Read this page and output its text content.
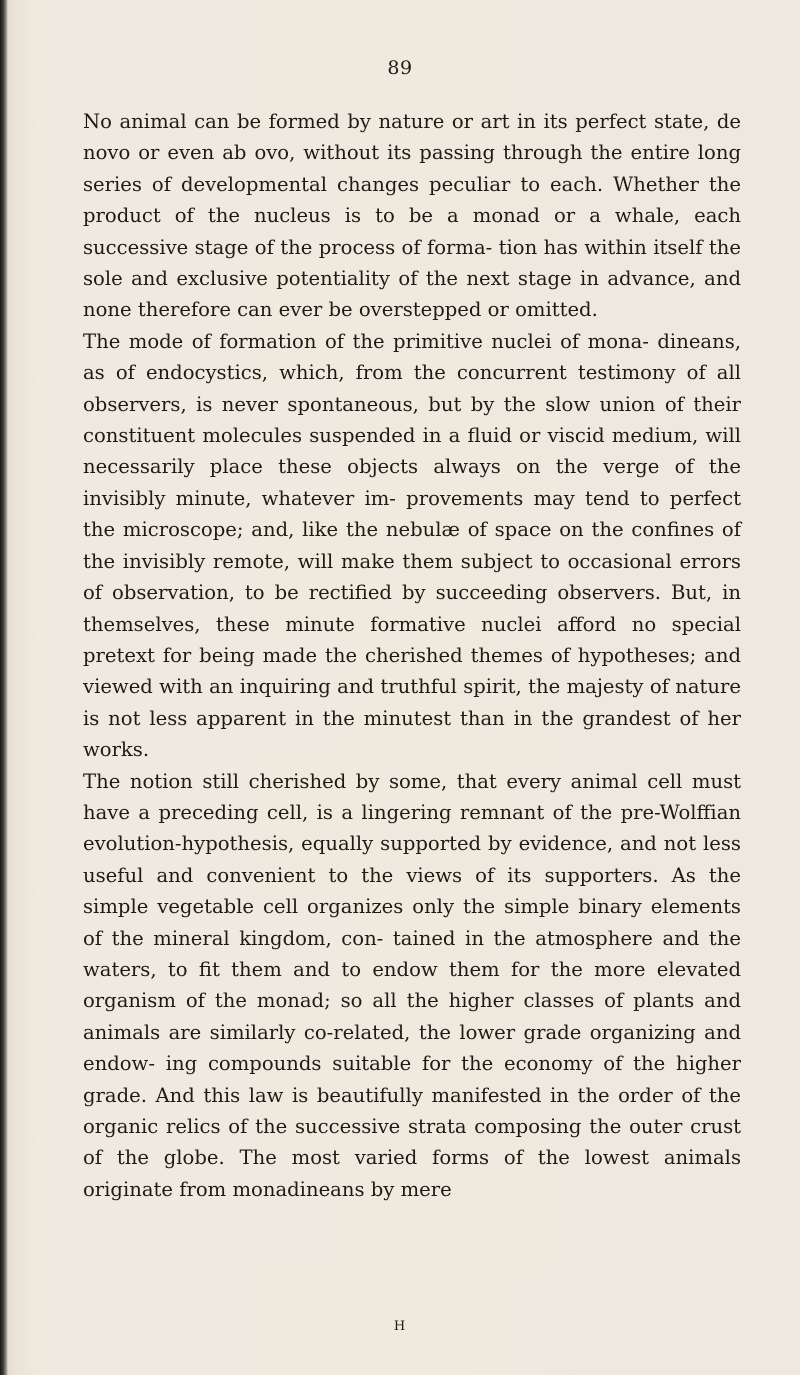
89

No animal can be formed by nature or art in its perfect state, de novo or even ab ovo, without its passing through the entire long series of developmental changes peculiar to each. Whether the product of the nucleus is to be a monad or a whale, each successive stage of the process of forma- tion has within itself the sole and exclusive potentiality of the next stage in advance, and none therefore can ever be overstepped or omitted.

The mode of formation of the primitive nuclei of mona- dineans, as of endocystics, which, from the concurrent testimony of all observers, is never spontaneous, but by the slow union of their constituent molecules suspended in a fluid or viscid medium, will necessarily place these objects always on the verge of the invisibly minute, whatever im- provements may tend to perfect the microscope; and, like the nebulæ of space on the confines of the invisibly remote, will make them subject to occasional errors of observation, to be rectified by succeeding observers. But, in themselves, these minute formative nuclei afford no special pretext for being made the cherished themes of hypotheses; and viewed with an inquiring and truthful spirit, the majesty of nature is not less apparent in the minutest than in the grandest of her works.

The notion still cherished by some, that every animal cell must have a preceding cell, is a lingering remnant of the pre-Wolffian evolution-hypothesis, equally supported by evidence, and not less useful and convenient to the views of its supporters. As the simple vegetable cell organizes only the simple binary elements of the mineral kingdom, con- tained in the atmosphere and the waters, to fit them and to endow them for the more elevated organism of the monad; so all the higher classes of plants and animals are similarly co-related, the lower grade organizing and endow- ing compounds suitable for the economy of the higher grade. And this law is beautifully manifested in the order of the organic relics of the successive strata composing the outer crust of the globe. The most varied forms of the lowest animals originate from monadineans by mere

H
